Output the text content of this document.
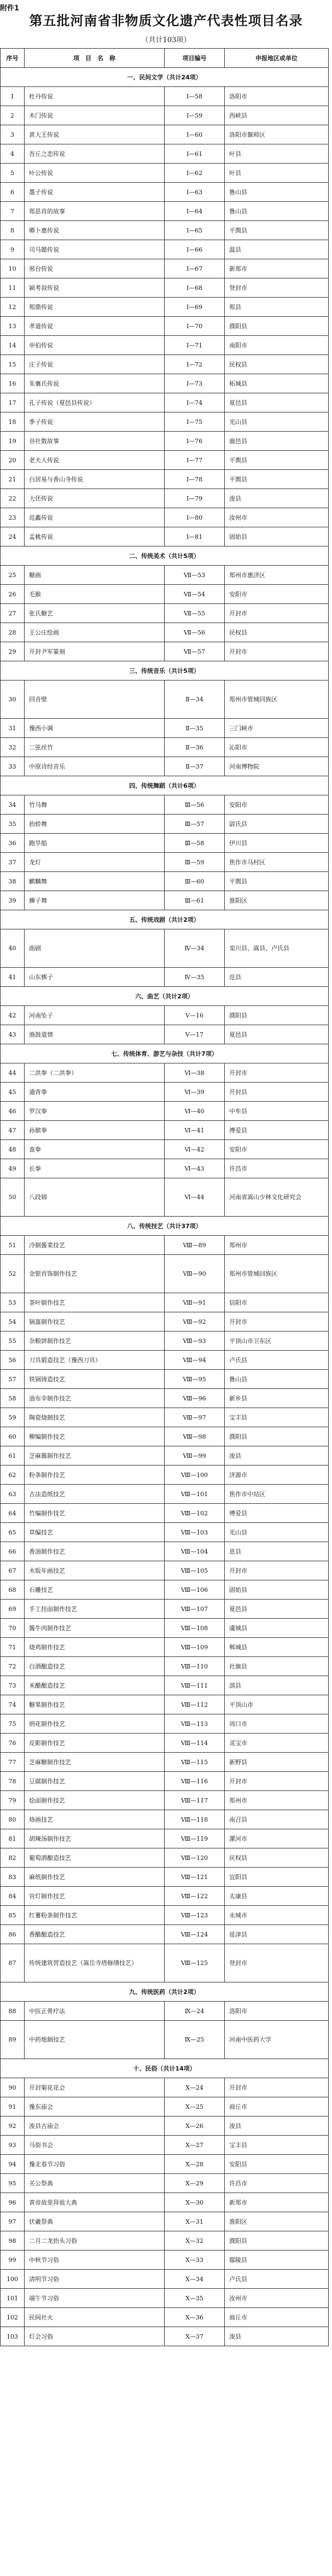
附件1
第五批河南省非物质文化遗产代表性项目名录
（共计103项）
序号	项　目　名　称	项目编号	申报地区或单位
一、民间文学（共计24项）			
1	杜丹传说	Ⅰ—58	洛阳市
2	木门传说	Ⅰ—59	西峡县
3	黄大王传说	Ⅰ—60	洛阳市偃师区
4	吾丘之恋传说	Ⅰ—61	叶县
5	叶公传说	Ⅰ—62	叶县
6	墨子传说	Ⅰ—63	鲁山县
7	郑思肖的故事	Ⅰ—64	鲁山县
8	卿卜惠传说	Ⅰ—65	平舆县
9	司马懿传说	Ⅰ—66	温县
10	邢台传说	Ⅰ—67	新郑市
11	颍考叔传说	Ⅰ—68	登封市
12	郏鼎传说	Ⅰ—69	郏县
13	孝道传说	Ⅰ—70	濮阳县
14	申伯传说	Ⅰ—71	南阳市
15	庄子传说	Ⅰ—72	民权县
16	朱襄氏传说	Ⅰ—73	柘城县
17	孔子传说（夏邑县传说）	Ⅰ—74	夏邑县
18	季子传说	Ⅰ—75	光山县
19	谷社数故事	Ⅰ—76	鹿邑县
20	老夫人传说	Ⅰ—77	平舆县
21	白居易与香山寺传说	Ⅰ—78	平舆县
22	大伾传说	Ⅰ—79	浚县
23	范蠡传说	Ⅰ—80	汝州市
24	盂桃传说	Ⅰ—81	固始县
二、传统美术（共计5项）			
25	糖画	Ⅶ—53	郑州市惠济区
26	毛猴	Ⅶ—54	安阳市
27	张氏糖艺	Ⅶ—55	开封市
28	王公庄绘画	Ⅶ—56	民权县
29	开封尹军篆刻	Ⅶ—57	开封市
三、传统音乐（共计5项）			
30	回音壁	Ⅱ—34	郑州市管城回族区
31	豫西小调	Ⅱ—35	三门峡市
32	二弦丝竹	Ⅱ—36	沁阳市
33	中原诗经音乐	Ⅱ—37	河南博物院
四、传统舞蹈（共计6项）			
34	竹马舞	Ⅲ—56	安阳市
35	抬轿舞	Ⅲ—57	尉氏县
36	跑旱船	Ⅲ—58	伊川县
37	龙灯	Ⅲ—59	焦作市马村区
38	麒麟舞	Ⅲ—60	平舆县
39	狮子舞	Ⅲ—61	淮阳区
五、传统戏剧（共计2项）			
40	曲剧	Ⅳ—34	栾川县、嵩县、卢氏县
41	山东梆子	Ⅳ—35	范县
六、曲艺（共计2项）			
42	河南坠子	Ⅴ—16	濮阳县
43	渔鼓道情	Ⅴ—17	夏邑县
七、传统体育、游艺与杂技（共计7项）			
44	二洪拳（二洪拳）	Ⅵ—38	开封市
45	通背拳	Ⅵ—39	开封县
46	罗汉拳	Ⅵ—40	中牟县
47	孙膑拳	Ⅵ—41	博爱县
48	查拳	Ⅵ—42	安阳市
49	长拳	Ⅵ—43	许昌市
50	八段锦	Ⅵ—44	河南省嵩山少林文化研究会
八、传统技艺（共计37项）			
51	冷制酱菜技艺	Ⅷ—89	郑州市
52	金银首饰制作技艺	Ⅷ—90	郑州市管城回族区
53	茶叶制作技艺	Ⅷ—91	信阳市
54	锅盔制作技艺	Ⅷ—92	开封市
55	杂粮饼制作技艺	Ⅷ—93	平顶山市卫东区
56	刀具锻造技艺（豫西刀具）	Ⅷ—94	卢氏县
57	铁锅铸造技艺	Ⅷ—95	鲁山县
58	油布伞制作技艺	Ⅷ—96	新乡县
59	陶瓷烧制技艺	Ⅷ—97	宝丰县
60	柳编制作技艺	Ⅷ—98	濮阳县
61	芝麻酱制作技艺	Ⅷ—99	浚县
62	粉条制作技艺	Ⅷ—100	济源市
63	古法造纸技艺	Ⅷ—101	焦作市中站区
64	竹编制作技艺	Ⅷ—102	博爱县
65	草编技艺	Ⅷ—103	光山县
66	香油制作技艺	Ⅷ—104	息县
67	木版年画技艺	Ⅷ—105	开封市
68	石雕技艺	Ⅷ—106	固始县
69	手工挂面制作技艺	Ⅷ—107	夏邑县
70	酱牛肉制作技艺	Ⅷ—108	虞城县
71	烧鸡制作技艺	Ⅷ—109	郸城县
72	白酒酿造技艺	Ⅷ—110	社旗县
73	米醋酿造技艺	Ⅷ—111	淇县
74	糖果制作技艺	Ⅷ—112	平顶山市
75	绢花制作技艺	Ⅷ—113	周口市
76	皮影制作技艺	Ⅷ—114	灵宝市
77	芝麻糖制作技艺	Ⅷ—115	新野县
78	豆腐制作技艺	Ⅷ—116	开封市
79	烩面制作技艺	Ⅷ—117	郑州市
80	烙画技艺	Ⅷ—118	南召县
81	胡辣汤制作技艺	Ⅷ—119	漯河市
82	葡萄酒酿造技艺	Ⅷ—120	民权县
83	麻纸制作技艺	Ⅷ—121	宜阳县
84	宫灯制作技艺	Ⅷ—122	太康县
85	红薯粉条制作技艺	Ⅷ—123	永城市
86	香醋酿造技艺	Ⅷ—124	延津县
87	传统建筑营造技艺（嵩岳寺塔修缮技艺）	Ⅷ—125	登封市
九、传统医药（共计2项）			
88	中医正骨疗法	Ⅸ—24	洛阳市
89	中药炮制技艺	Ⅸ—25	河南中医药大学
十、民俗（共计14项）			
90	开封菊花花会	Ⅹ—24	开封市
91	豫东庙会	Ⅹ—25	商丘市
92	浚县古庙会	Ⅹ—26	浚县
93	马街书会	Ⅹ—27	宝丰县
94	豫北春节习俗	Ⅹ—28	安阳县
95	关公祭典	Ⅹ—29	许昌市
96	黄帝故里拜祖大典	Ⅹ—30	新郑市
97	伏羲祭典	Ⅹ—31	淮阳区
98	二月二龙抬头习俗	Ⅹ—32	濮阳县
99	中秋节习俗	Ⅹ—33	鄢陵县
100	清明节习俗	Ⅹ—34	卢氏县
101	端午节习俗	Ⅹ—35	汝州市
102	民间社火	Ⅹ—36	商丘市
103	灯会习俗	Ⅹ—37	浚县
